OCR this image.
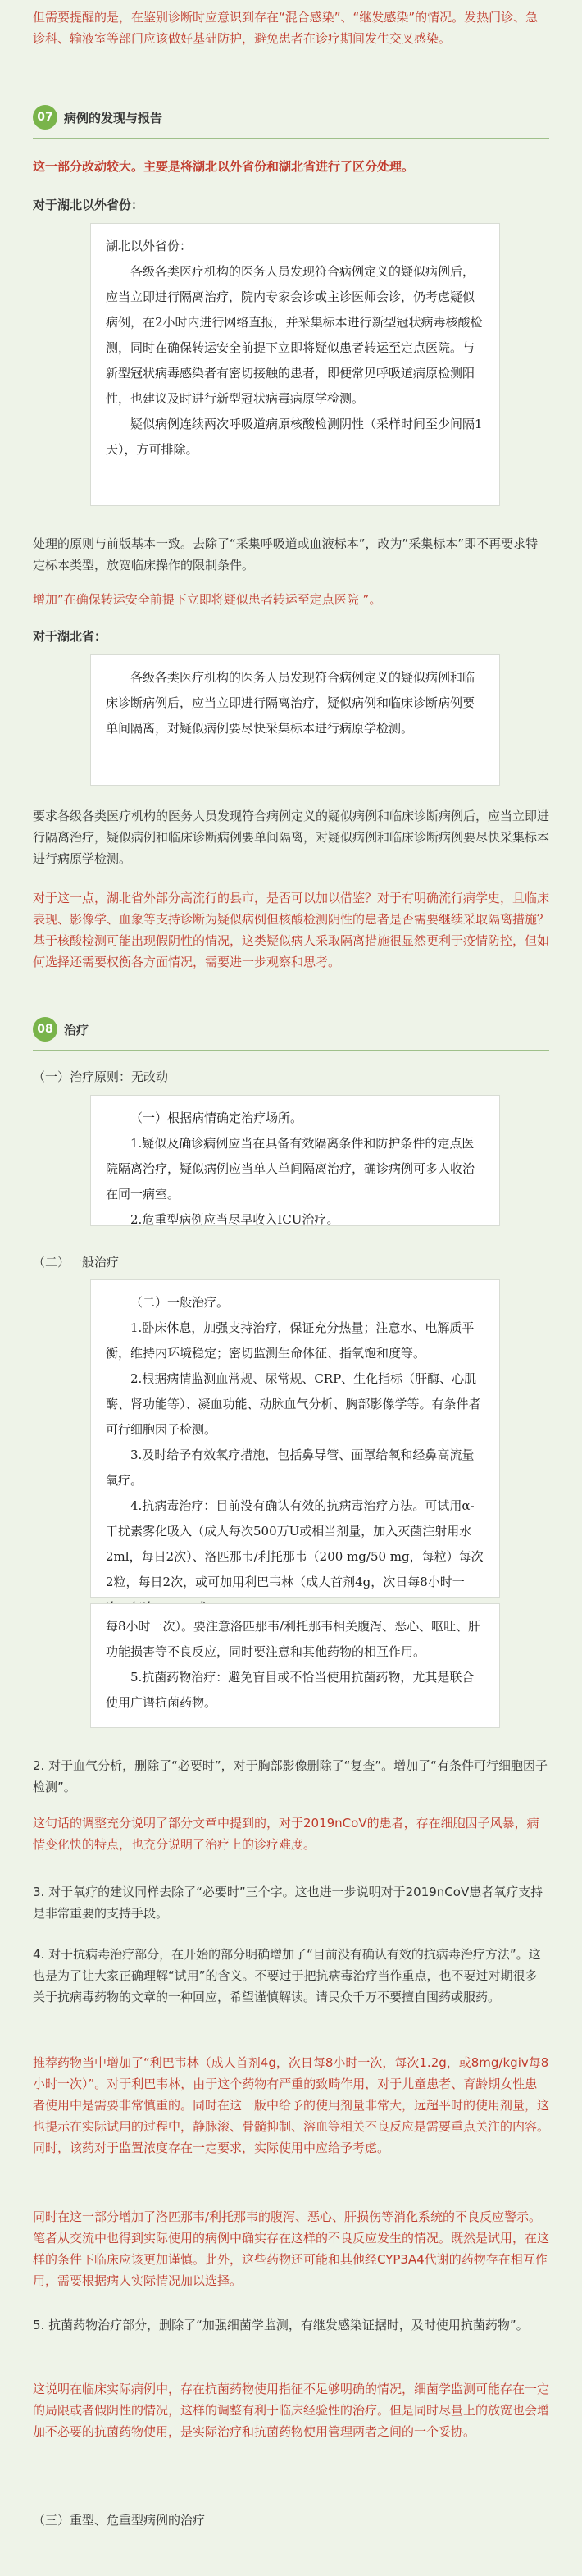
但需要提醒的是，在鉴别诊断时应意识到存在“混合感染”、“继发感染”的情况。发热门诊、急诊科、输液室等部门应该做好基础防护，避免患者在诊疗期间发生交叉感染。

07 病例的发现与报告

这一部分改动较大。主要是将湖北以外省份和湖北省进行了区分处理。

对于湖北以外省份：

湖北以外省份：

各级各类医疗机构的医务人员发现符合病例定义的疑似病例后，应当立即进行隔离治疗，院内专家会诊或主诊医师会诊，仍考虑疑似病例，在2小时内进行网络直报，并采集标本进行新型冠状病毒核酸检测，同时在确保转运安全前提下立即将疑似患者转运至定点医院。与新型冠状病毒感染者有密切接触的患者，即便常见呼吸道病原检测阳性，也建议及时进行新型冠状病毒病原学检测。

疑似病例连续两次呼吸道病原核酸检测阴性（采样时间至少间隔1天），方可排除。

处理的原则与前版基本一致。去除了“采集呼吸道或血液标本”，改为”采集标本”即不再要求特定标本类型，放宽临床操作的限制条件。

增加”在确保转运安全前提下立即将疑似患者转运至定点医院 ”。

对于湖北省：

各级各类医疗机构的医务人员发现符合病例定义的疑似病例和临床诊断病例后，应当立即进行隔离治疗，疑似病例和临床诊断病例要单间隔离，对疑似病例要尽快采集标本进行病原学检测。

要求各级各类医疗机构的医务人员发现符合病例定义的疑似病例和临床诊断病例后，应当立即进行隔离治疗，疑似病例和临床诊断病例要单间隔离，对疑似病例和临床诊断病例要尽快采集标本进行病原学检测。

对于这一点，湖北省外部分高流行的县市，是否可以加以借鉴？对于有明确流行病学史，且临床表现、影像学、血象等支持诊断为疑似病例但核酸检测阴性的患者是否需要继续采取隔离措施？基于核酸检测可能出现假阴性的情况，这类疑似病人采取隔离措施很显然更利于疫情防控，但如何选择还需要权衡各方面情况，需要进一步观察和思考。

08 治疗
（一）治疗原则：无改动

（一）根据病情确定治疗场所。

1.疑似及确诊病例应当在具备有效隔离条件和防护条件的定点医院隔离治疗，疑似病例应当单人单间隔离治疗，确诊病例可多人收治在同一病室。

2.危重型病例应当尽早收入ICU治疗。

（二）一般治疗

（二）一般治疗。

1.卧床休息，加强支持治疗，保证充分热量；注意水、电解质平衡，维持内环境稳定；密切监测生命体征、指氧饱和度等。

2.根据病情监测血常规、尿常规、CRP、生化指标（肝酶、心肌酶、肾功能等）、凝血功能、动脉血气分析、胸部影像学等。有条件者可行细胞因子检测。

3.及时给予有效氧疗措施，包括鼻导管、面罩给氧和经鼻高流量氧疗。

4.抗病毒治疗：目前没有确认有效的抗病毒治疗方法。可试用α-干扰素雾化吸入（成人每次500万U或相当剂量，加入灭菌注射用水2ml，每日2次）、洛匹那韦/利托那韦（200 mg/50 mg，每粒）每次2粒，每日2次，或可加用利巴韦林（成人首剂4g，次日每8小时一

每8小时一次）。要注意洛匹那韦/利托那韦相关腹泻、恶心、呕吐、肝功能损害等不良反应，同时要注意和其他药物的相互作用。

5.抗菌药物治疗：避免盲目或不恰当使用抗菌药物，尤其是联合使用广谱抗菌药物。

2. 对于血气分析，删除了“必要时”，对于胸部影像删除了“复查”。增加了“有条件可行细胞因子检测”。

这句话的调整充分说明了部分文章中提到的，对于2019nCoV的患者，存在细胞因子风暴，病情变化快的特点，也充分说明了治疗上的诊疗难度。

3. 对于氧疗的建议同样去除了“必要时”三个字。这也进一步说明对于2019nCoV患者氧疗支持是非常重要的支持手段。

4. 对于抗病毒治疗部分，在开始的部分明确增加了“目前没有确认有效的抗病毒治疗方法”。这也是为了让大家正确理解“试用”的含义。不要过于把抗病毒治疗当作重点，也不要过对期很多关于抗病毒药物的文章的一种回应，希望谨慎解读。请民众千万不要擅自囤药或服药。

推荐药物当中增加了“利巴韦林（成人首剂4g，次日每8小时一次，每次1.2g，或8mg/kgiv每8小时一次）”。对于利巴韦林，由于这个药物有严重的致畸作用，对于儿童患者、育龄期女性患者使用中是需要非常慎重的。同时在这一版中给予的使用剂量非常大，远超平时的使用剂量，这也提示在实际试用的过程中，静脉滚、骨髓抑制、溶血等相关不良反应是需要重点关注的内容。同时，该药对于监置浓度存在一定要求，实际使用中应给予考虑。

同时在这一部分增加了洛匹那韦/利托那韦的腹泻、恶心、肝损伤等消化系统的不良反应警示。笔者从交流中也得到实际使用的病例中确实存在这样的不良反应发生的情况。既然是试用，在这样的条件下临床应该更加谨慎。此外，这些药物还可能和其他经CYP3A4代谢的药物存在相互作用，需要根据病人实际情况加以选择。

5. 抗菌药物治疗部分，删除了“加强细菌学监测，有继发感染证据时，及时使用抗菌药物”。

这说明在临床实际病例中，存在抗菌药物使用指征不足够明确的情况，细菌学监测可能存在一定的局限或者假阴性的情况，这样的调整有利于临床经验性的治疗。但是同时尽量上的放宽也会增加不必要的抗菌药物使用，是实际治疗和抗菌药物使用管理两者之间的一个妥协。

（三）重型、危重型病例的治疗
